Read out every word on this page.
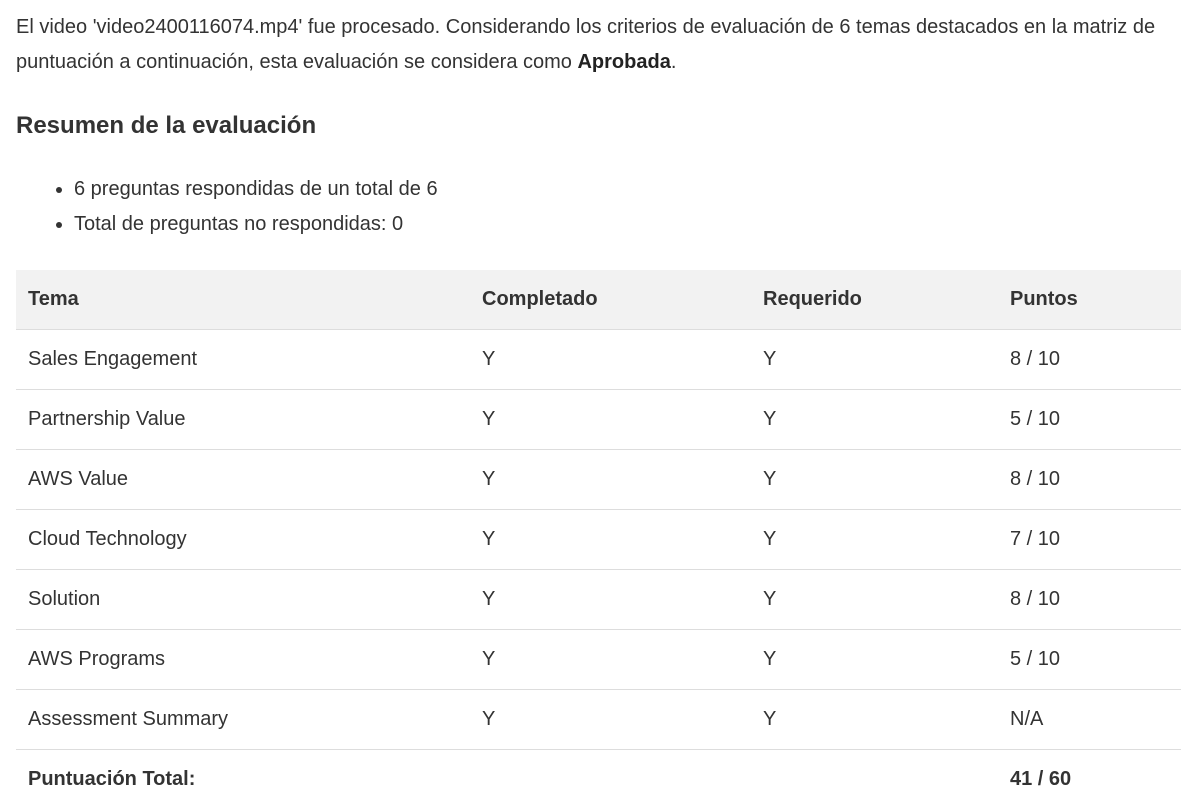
El video 'video2400116074.mp4' fue procesado. Considerando los criterios de evaluación de 6 temas destacados en la matriz de puntuación a continuación, esta evaluación se considera como Aprobada.

Resumen de la evaluación
• 6 preguntas respondidas de un total de 6
• Total de preguntas no respondidas: 0
Tema	Completado	Requerido	Puntos
Sales Engagement	Y	Y	8 / 10
Partnership Value	Y	Y	5 / 10
AWS Value	Y	Y	8 / 10
Cloud Technology	Y	Y	7 / 10
Solution	Y	Y	8 / 10
AWS Programs	Y	Y	5 / 10
Assessment Summary	Y	Y	N/A
Puntuación Total:			41 / 60
